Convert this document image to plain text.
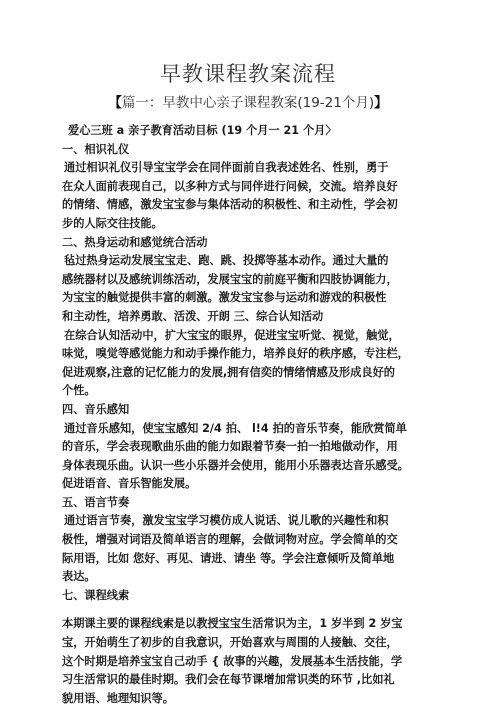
早教课程教案流程
【篇一：早教中心亲子课程教案(19-21个月)】
爱心三班 a 亲子教育活动目标 (19 个月一 21 个月〉
一、相识礼仪
通过相识礼仪引导宝宝学会在同伴面前自我表述姓名、性别，勇于
在众人面前表现自己，以多种方式与同伴进行问候，交流。培养良好
的情绪、情感，激发宝宝参与集体活动的积极性、和主动性，学会初
步的人际交往技能。
二、热身运动和感觉统合活动
毡过热身运动发展宝宝走、跑、跳、投掷等基本动作。通过大量的
感统器材以及感统训练活动，发展宝宝的前庭平衡和四肢协调能力，
为宝宝的触觉提供丰富的刺激。激发宝宝参与运动和游戏的积极性
和主动性，培养勇敢、活泼、开朗 三、综合认知活动
在综合认知活动中，扩大宝宝的眼界，促进宝宝听觉、视觉，触觉，
味觉，嗅觉等感觉能力和动手操作能力，培养良好的秩序感，专注栏，
促进观察,注意的记忆能力的发展,拥有信奕的情绪情感及形成良好的
个性。
四、音乐感知
通过音乐感知，使宝宝感知 2/4 拍、 l!4 拍的音乐节奏，能欣赏简单
的音乐，学会表现歌曲乐曲的能力如跟着节奏一拍一拍地做动作，用
身体表现乐曲。认识一些小乐器并会使用，能用小乐器表达音乐感受。
促进语音、音乐智能发展。
五、语言节奏
通过语言节奏，激发宝宝学习模仿成人说话、说儿歌的兴趣性和积
极性，增强对词语及简单语言的理解，会做词物对应。学会简单的交
际用语，比如 您好、再见、请进、请坐 等。学会注意倾听及简单地
表达。
七、课程线索
本期课主要的课程线索是以教授宝宝生活常识为主，1 岁半到 2 岁宝
宝，开始萌生了初步的自我意识，开始喜欢与周围的人接触、交往，
这个时期是培养宝宝自己动手 { 故事的兴趣，发展基本生活技能，学
习生活常识的最佳时期。我们会在每节课增加常识类的环节 ,比如礼
貌用语、地理知识等。
